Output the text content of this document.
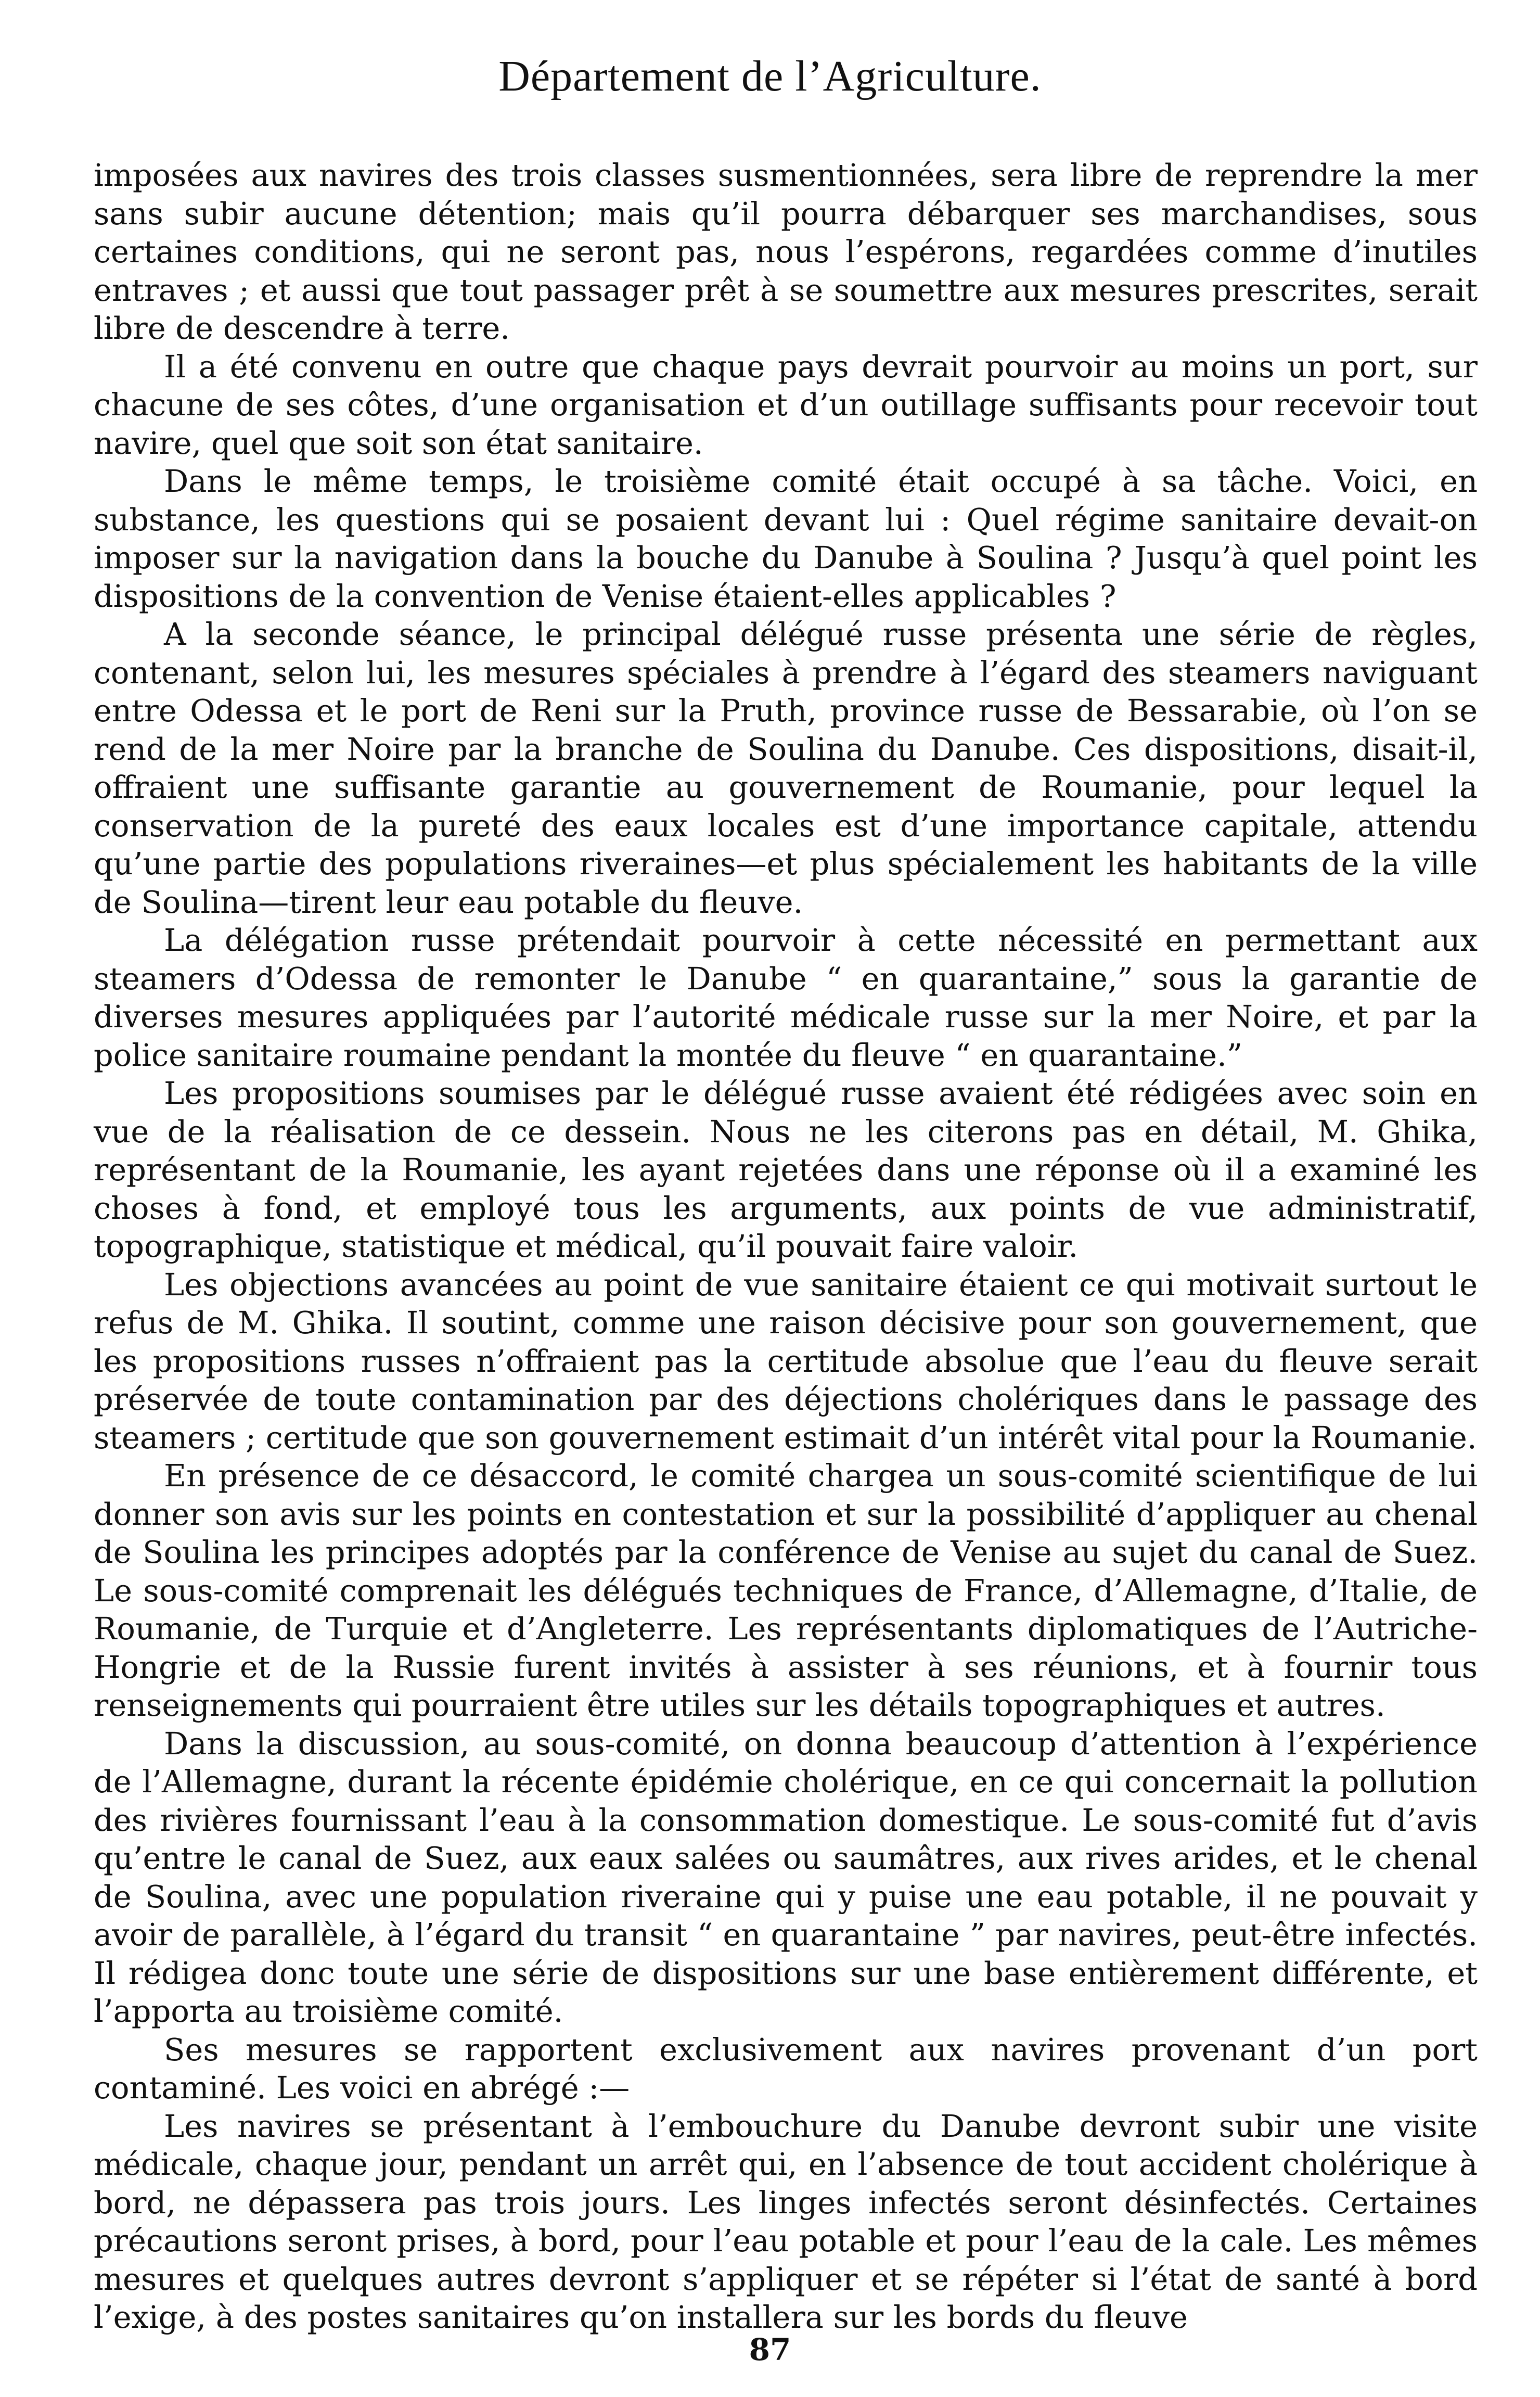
Département de l’Agriculture.

imposées aux navires des trois classes susmentionnées, sera libre de reprendre la mer sans subir aucune détention; mais qu’il pourra débarquer ses marchandises, sous certaines conditions, qui ne seront pas, nous l’espérons, regardées comme d’inutiles entraves ; et aussi que tout passager prêt à se soumettre aux mesures prescrites, serait libre de descendre à terre.

Il a été convenu en outre que chaque pays devrait pourvoir au moins un port, sur chacune de ses côtes, d’une organisation et d’un outillage suffisants pour recevoir tout navire, quel que soit son état sanitaire.

Dans le même temps, le troisième comité était occupé à sa tâche. Voici, en substance, les questions qui se posaient devant lui : Quel régime sanitaire devait-on imposer sur la navigation dans la bouche du Danube à Soulina ? Jusqu’à quel point les dispositions de la convention de Venise étaient-elles applicables ?

A la seconde séance, le principal délégué russe présenta une série de règles, contenant, selon lui, les mesures spéciales à prendre à l’égard des steamers naviguant entre Odessa et le port de Reni sur la Pruth, province russe de Bessarabie, où l’on se rend de la mer Noire par la branche de Soulina du Danube. Ces dispositions, disait-il, offraient une suffisante garantie au gouvernement de Roumanie, pour lequel la conservation de la pureté des eaux locales est d’une importance capitale, attendu qu’une partie des populations riveraines—et plus spécialement les habitants de la ville de Soulina—tirent leur eau potable du fleuve.

La délégation russe prétendait pourvoir à cette nécessité en permettant aux steamers d’Odessa de remonter le Danube “ en quarantaine,” sous la garantie de diverses mesures appliquées par l’autorité médicale russe sur la mer Noire, et par la police sanitaire roumaine pendant la montée du fleuve “ en quarantaine.”

Les propositions soumises par le délégué russe avaient été rédigées avec soin en vue de la réalisation de ce dessein. Nous ne les citerons pas en détail, M. Ghika, représentant de la Roumanie, les ayant rejetées dans une réponse où il a examiné les choses à fond, et employé tous les arguments, aux points de vue administratif, topographique, statistique et médical, qu’il pouvait faire valoir.

Les objections avancées au point de vue sanitaire étaient ce qui motivait surtout le refus de M. Ghika. Il soutint, comme une raison décisive pour son gouvernement, que les propositions russes n’offraient pas la certitude absolue que l’eau du fleuve serait préservée de toute contamination par des déjections cholériques dans le passage des steamers ; certitude que son gouvernement estimait d’un intérêt vital pour la Roumanie.

En présence de ce désaccord, le comité chargea un sous-comité scientifique de lui donner son avis sur les points en contestation et sur la possibilité d’appliquer au chenal de Soulina les principes adoptés par la conférence de Venise au sujet du canal de Suez. Le sous-comité comprenait les délégués techniques de France, d’Allemagne, d’Italie, de Roumanie, de Turquie et d’Angleterre. Les représentants diplomatiques de l’Autriche-Hongrie et de la Russie furent invités à assister à ses réunions, et à fournir tous renseignements qui pourraient être utiles sur les détails topographiques et autres.

Dans la discussion, au sous-comité, on donna beaucoup d’attention à l’expérience de l’Allemagne, durant la récente épidémie cholérique, en ce qui concernait la pollution des rivières fournissant l’eau à la consommation domestique. Le sous-comité fut d’avis qu’entre le canal de Suez, aux eaux salées ou saumâtres, aux rives arides, et le chenal de Soulina, avec une population riveraine qui y puise une eau potable, il ne pouvait y avoir de parallèle, à l’égard du transit “ en quarantaine ” par navires, peut-être infectés. Il rédigea donc toute une série de dispositions sur une base entièrement différente, et l’apporta au troisième comité.

Ses mesures se rapportent exclusivement aux navires provenant d’un port contaminé. Les voici en abrégé :—

Les navires se présentant à l’embouchure du Danube devront subir une visite médicale, chaque jour, pendant un arrêt qui, en l’absence de tout accident cholérique à bord, ne dépassera pas trois jours. Les linges infectés seront désinfectés. Certaines précautions seront prises, à bord, pour l’eau potable et pour l’eau de la cale. Les mêmes mesures et quelques autres devront s’appliquer et se répéter si l’état de santé à bord l’exige, à des postes sanitaires qu’on installera sur les bords du fleuve

87
